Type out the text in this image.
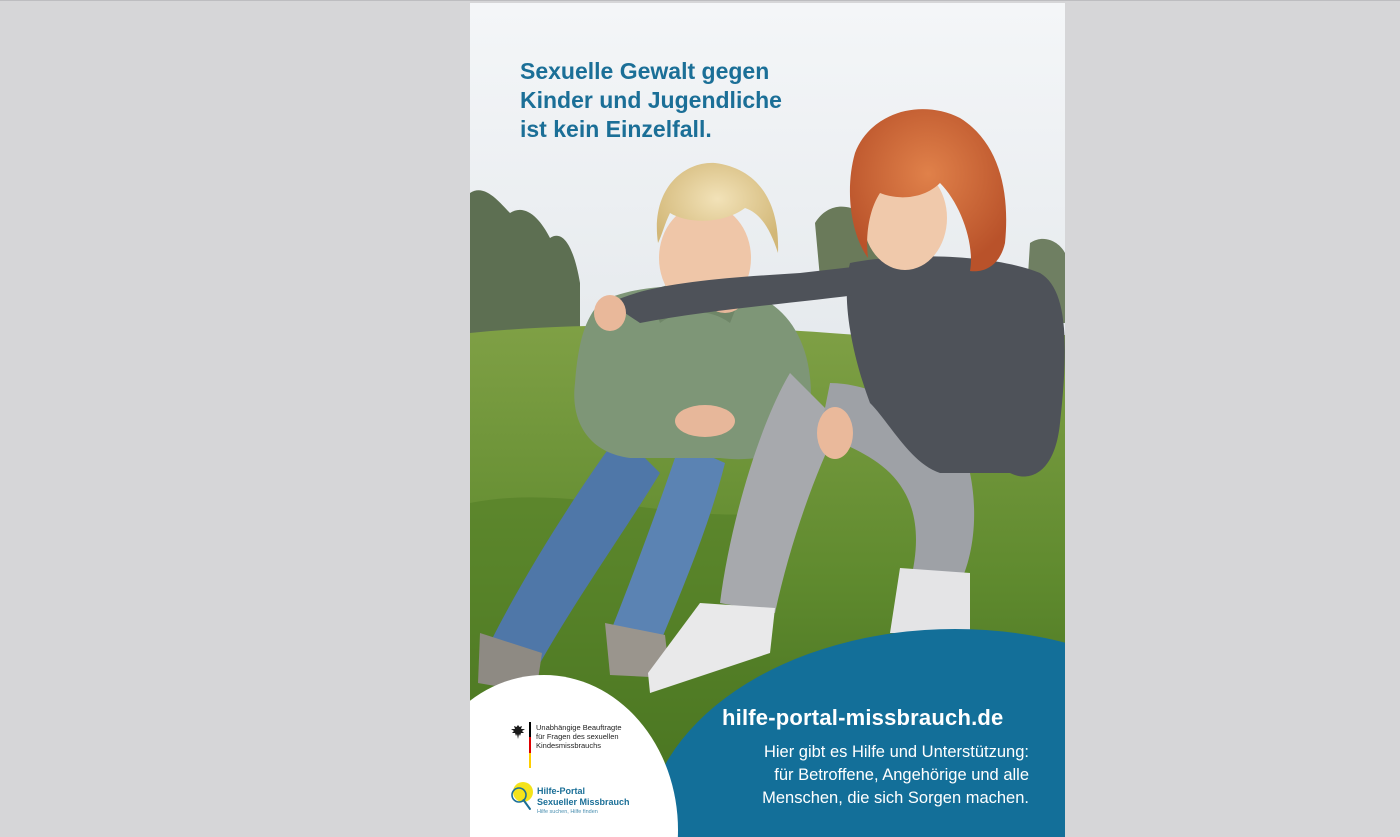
Sexuelle Gewalt gegen
Kinder und Jugendliche
ist kein Einzelfall.
hilfe-portal-missbrauch.de
Hier gibt es Hilfe und Unterstützung:
für Betroffene, Angehörige und alle
Menschen, die sich Sorgen machen.
Unabhängige Beauftragte
für Fragen des sexuellen
Kindesmissbrauchs
Hilfe-Portal
Sexueller Missbrauch
Hilfe suchen, Hilfe finden
